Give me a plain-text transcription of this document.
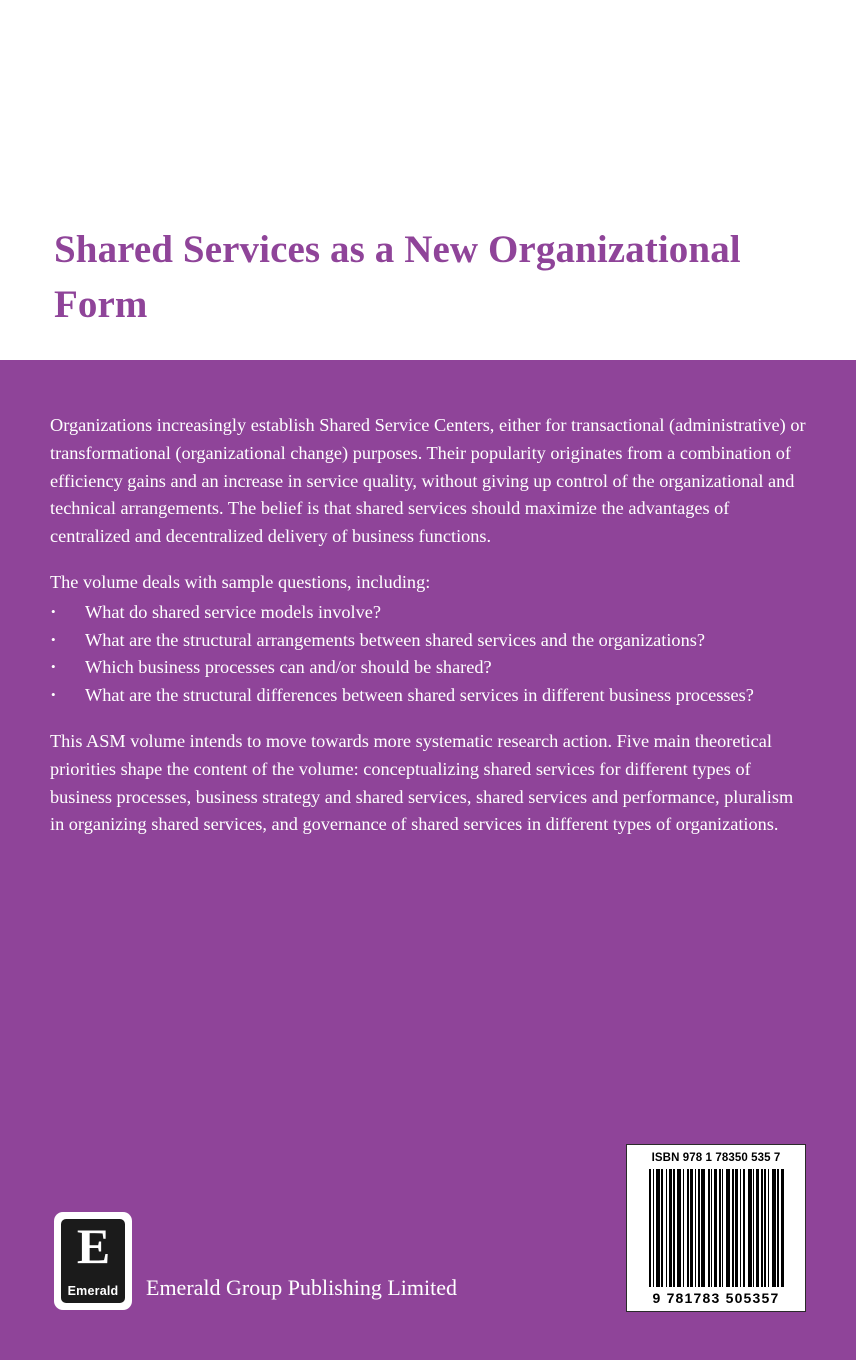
Shared Services as a New Organizational Form

Organizations increasingly establish Shared Service Centers, either for transactional (administrative) or transformational (organizational change) purposes. Their popularity originates from a combination of efficiency gains and an increase in service quality, without giving up control of the organizational and technical arrangements. The belief is that shared services should maximize the advantages of centralized and decentralized delivery of business functions.

The volume deals with sample questions, including:

• What do shared service models involve?
• What are the structural arrangements between shared services and the organizations?
• Which business processes can and/or should be shared?
• What are the structural differences between shared services in different business processes?

This ASM volume intends to move towards more systematic research action. Five main theoretical priorities shape the content of the volume: conceptualizing shared services for different types of business processes, business strategy and shared services, shared services and performance, pluralism in organizing shared services, and governance of shared services in different types of organizations.

E
Emerald	Emerald Group Publishing Limited
ISBN 978 1 78350 535 7
9 781783 505357
